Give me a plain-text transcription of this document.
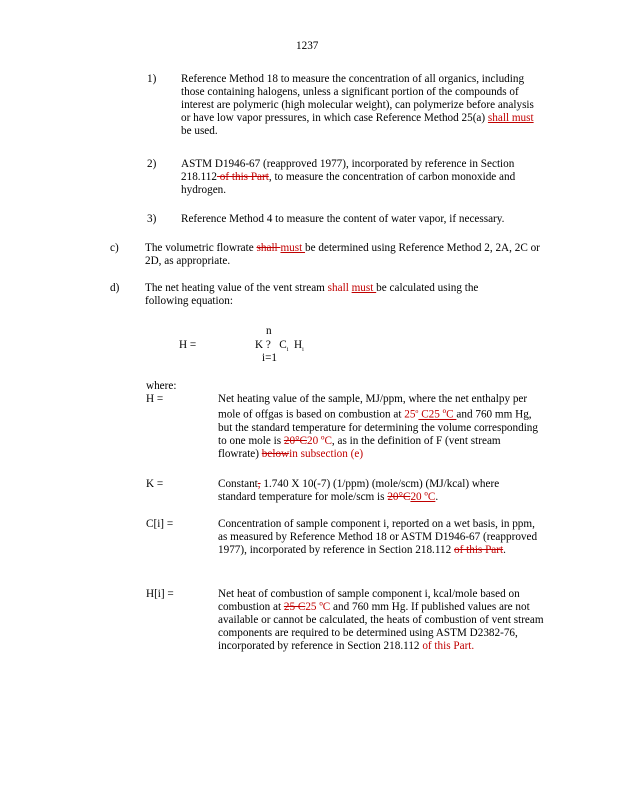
1237
1) Reference Method 18 to measure the concentration of all organics, including those containing halogens, unless a significant portion of the compounds of interest are polymeric (high molecular weight), can polymerize before analysis or have low vapor pressures, in which case Reference Method 25(a) shall must be used.

2) ASTM D1946-67 (reapproved 1977), incorporated by reference in Section 218.112 of this Part, to measure the concentration of carbon monoxide and hydrogen.

3) Reference Method 4 to measure the content of water vapor, if necessary.

c) The volumetric flowrate shall must be determined using Reference Method 2, 2A, 2C or 2D, as appropriate.

d) The net heating value of the vent stream shall must be calculated using the following equation:

H =
n
K ?   $C_i$ $H_i$
i=1
where:
H =	Net heating value of the sample, MJ/ppm, where the net enthalpy per mole of offgas is based on combustion at 25$^o$ C25 ºC and 760 mm Hg, but the standard temperature for determining the volume corresponding to one mole is 20°C20 ºC, as in the definition of F (vent stream flowrate) belowin subsection (e)

K =	Constant, 1.740 X 10(-7) (1/ppm) (mole/scm) (MJ/kcal) where standard temperature for mole/scm is 20°C20 ºC.

C[i] =	Concentration of sample component i, reported on a wet basis, in ppm, as measured by Reference Method 18 or ASTM D1946-67 (reapproved 1977), incorporated by reference in Section 218.112 of this Part.

H[i] =	Net heat of combustion of sample component i, kcal/mole based on combustion at 25 C25 ºC and 760 mm Hg. If published values are not available or cannot be calculated, the heats of combustion of vent stream components are required to be determined using ASTM D2382-76, incorporated by reference in Section 218.112 of this Part.
